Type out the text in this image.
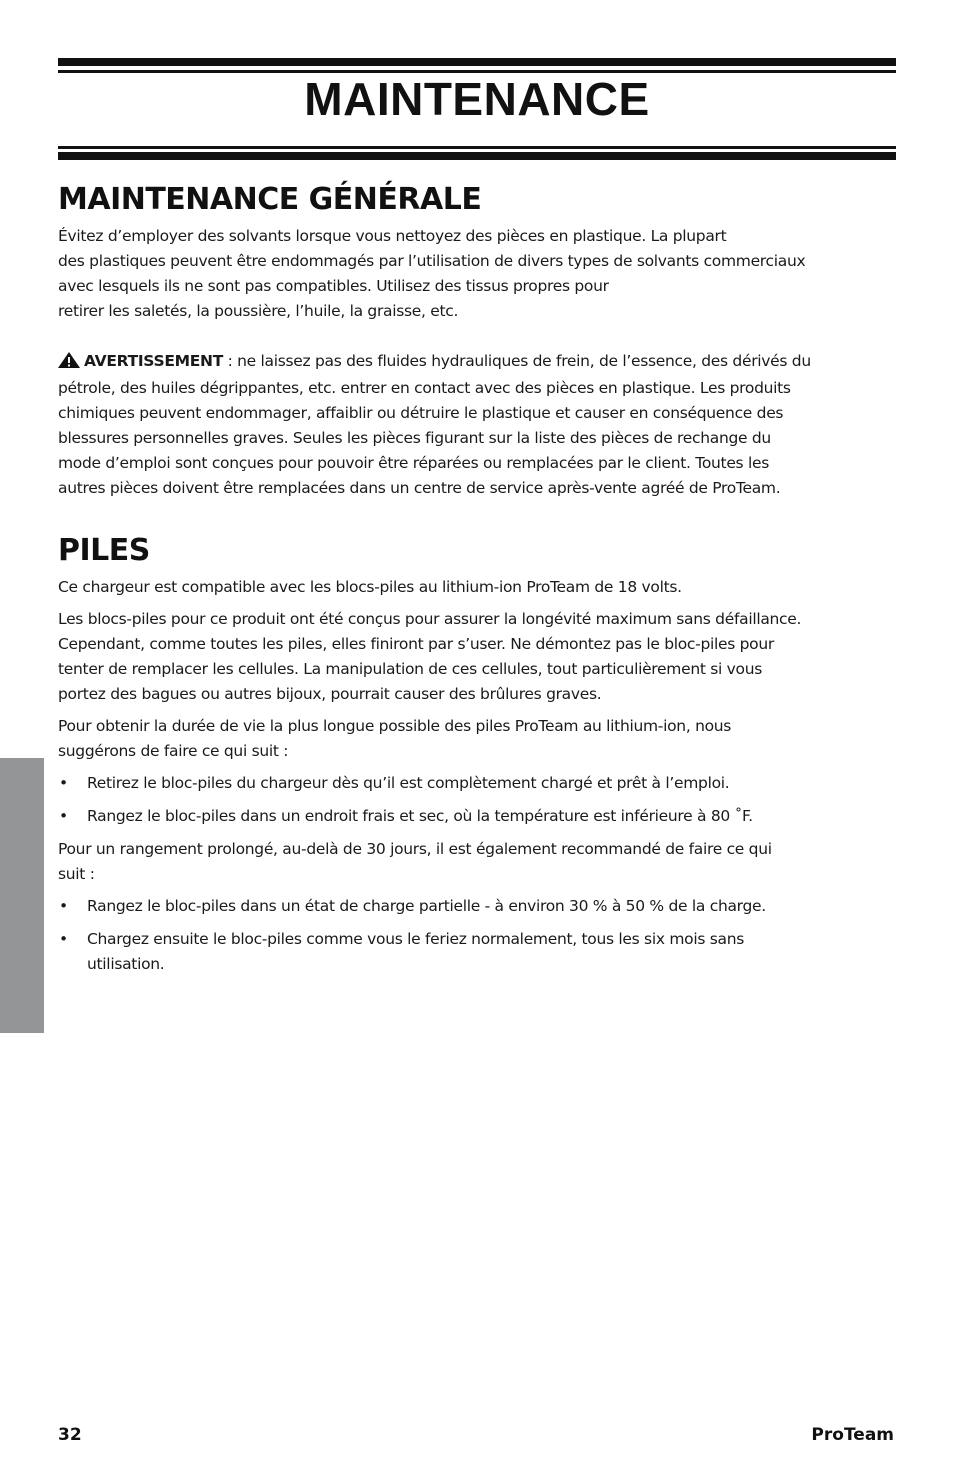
MAINTENANCE
MAINTENANCE GÉNÉRALE

Évitez d’employer des solvants lorsque vous nettoyez des pièces en plastique. La plupart
des plastiques peuvent être endommagés par l’utilisation de divers types de solvants commerciaux
avec lesquels ils ne sont pas compatibles. Utilisez des tissus propres pour
retirer les saletés, la poussière, l’huile, la graisse, etc.

AVERTISSEMENT : ne laissez pas des fluides hydrauliques de frein, de l’essence, des dérivés du
pétrole, des huiles dégrippantes, etc. entrer en contact avec des pièces en plastique. Les produits
chimiques peuvent endommager, affaiblir ou détruire le plastique et causer en conséquence des
blessures personnelles graves. Seules les pièces figurant sur la liste des pièces de rechange du
mode d’emploi sont conçues pour pouvoir être réparées ou remplacées par le client. Toutes les
autres pièces doivent être remplacées dans un centre de service après-vente agréé de ProTeam.

PILES

Ce chargeur est compatible avec les blocs-piles au lithium-ion ProTeam de 18 volts.

Les blocs-piles pour ce produit ont été conçus pour assurer la longévité maximum sans défaillance.
Cependant, comme toutes les piles, elles finiront par s’user. Ne démontez pas le bloc-piles pour
tenter de remplacer les cellules. La manipulation de ces cellules, tout particulièrement si vous
portez des bagues ou autres bijoux, pourrait causer des brûlures graves.

Pour obtenir la durée de vie la plus longue possible des piles ProTeam au lithium-ion, nous
suggérons de faire ce qui suit :

• Retirez le bloc-piles du chargeur dès qu’il est complètement chargé et prêt à l’emploi.
• Rangez le bloc-piles dans un endroit frais et sec, où la température est inférieure à 80 ˚F.

Pour un rangement prolongé, au-delà de 30 jours, il est également recommandé de faire ce qui
suit :

• Rangez le bloc-piles dans un état de charge partielle - à environ 30 % à 50 % de la charge.
• Chargez ensuite le bloc-piles comme vous le feriez normalement, tous les six mois sans
utilisation.
32	ProTeam
